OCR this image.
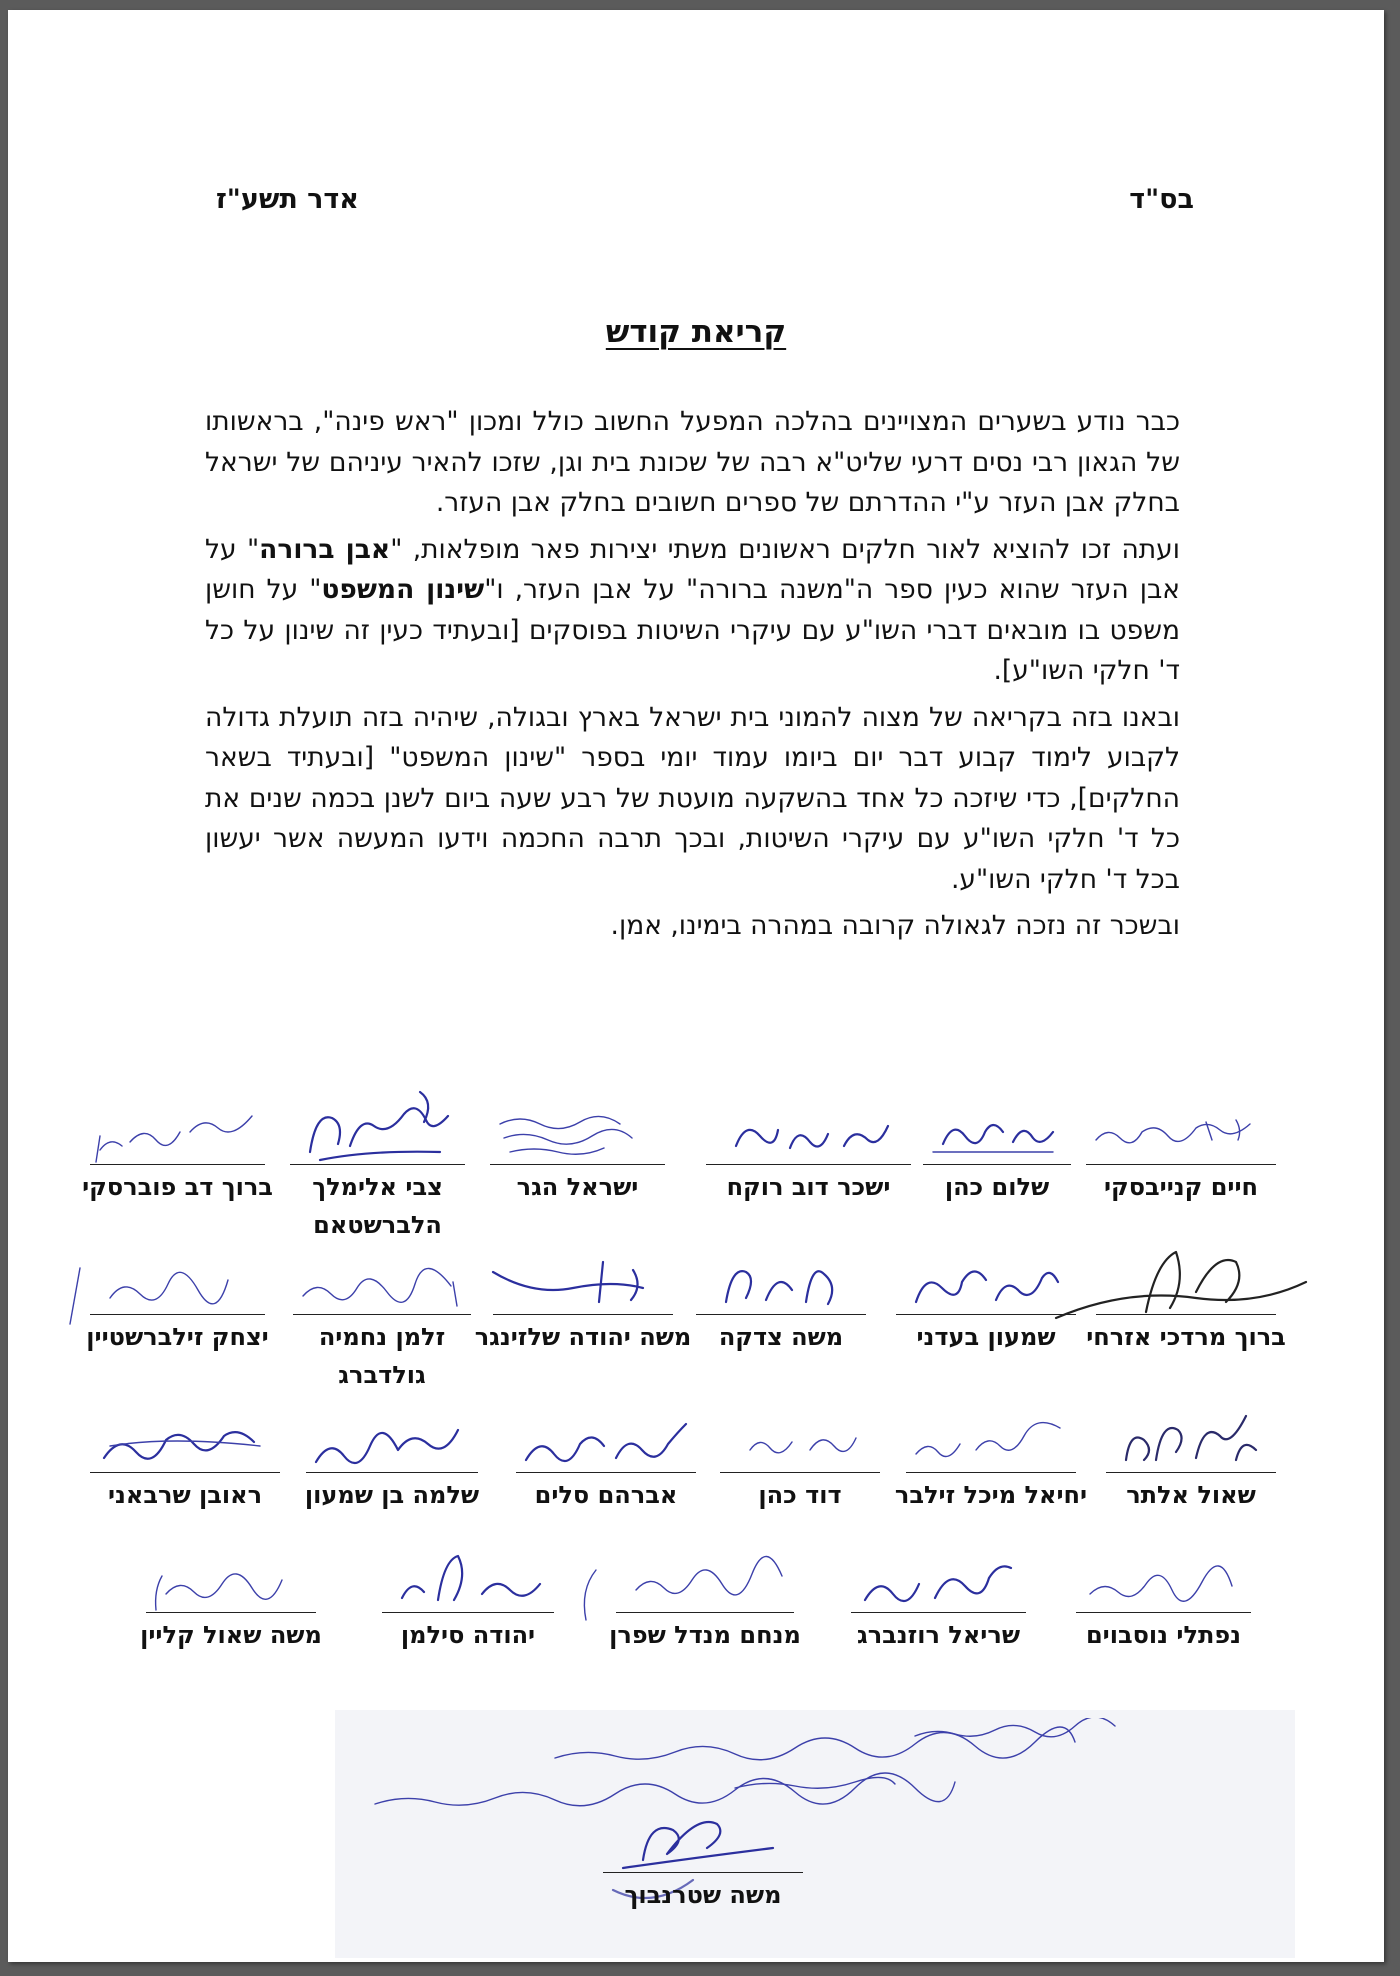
בס"ד
אדר תשע"ז
קריאת קודש

כבר נודע בשערים המצויינים בהלכה המפעל החשוב כולל ומכון "ראש פינה", בראשותו של הגאון רבי נסים דרעי שליט"א רבה של שכונת בית וגן, שזכו להאיר עיניהם של ישראל בחלק אבן העזר ע"י ההדרתם של ספרים חשובים בחלק אבן העזר.

ועתה זכו להוציא לאור חלקים ראשונים משתי יצירות פאר מופלאות, "אבן ברורה" על אבן העזר שהוא כעין ספר ה"משנה ברורה" על אבן העזר, ו"שינון המשפט" על חושן משפט בו מובאים דברי השו"ע עם עיקרי השיטות בפוסקים [ובעתיד כעין זה שינון על כל ד' חלקי השו"ע].

ובאנו בזה בקריאה של מצוה להמוני בית ישראל בארץ ובגולה, שיהיה בזה תועלת גדולה לקבוע לימוד קבוע דבר יום ביומו עמוד יומי בספר "שינון המשפט" [ובעתיד בשאר החלקים], כדי שיזכה כל אחד בהשקעה מועטת של רבע שעה ביום לשנן בכמה שנים את כל ד' חלקי השו"ע עם עיקרי השיטות, ובכך תרבה החכמה וידעו המעשה אשר יעשון בכל ד' חלקי השו"ע.

ובשכר זה נזכה לגאולה קרובה במהרה בימינו, אמן.

חיים קנייבסקי
שלום כהן
ישכר דוב רוקח
ישראל הגר
צבי אלימלך הלברשטאם
ברוך דב פוברסקי
ברוך מרדכי אזרחי
שמעון בעדני
משה צדקה
משה יהודה שלזינגר
זלמן נחמיה גולדברג
יצחק זילברשטיין
שאול אלתר
יחיאל מיכל זילבר
דוד כהן
אברהם סלים
שלמה בן שמעון
ראובן שרבאני
נפתלי נוסבוים
שריאל רוזנברג
מנחם מנדל שפרן
יהודה סילמן
משה שאול קליין
משה שטרנבוך
